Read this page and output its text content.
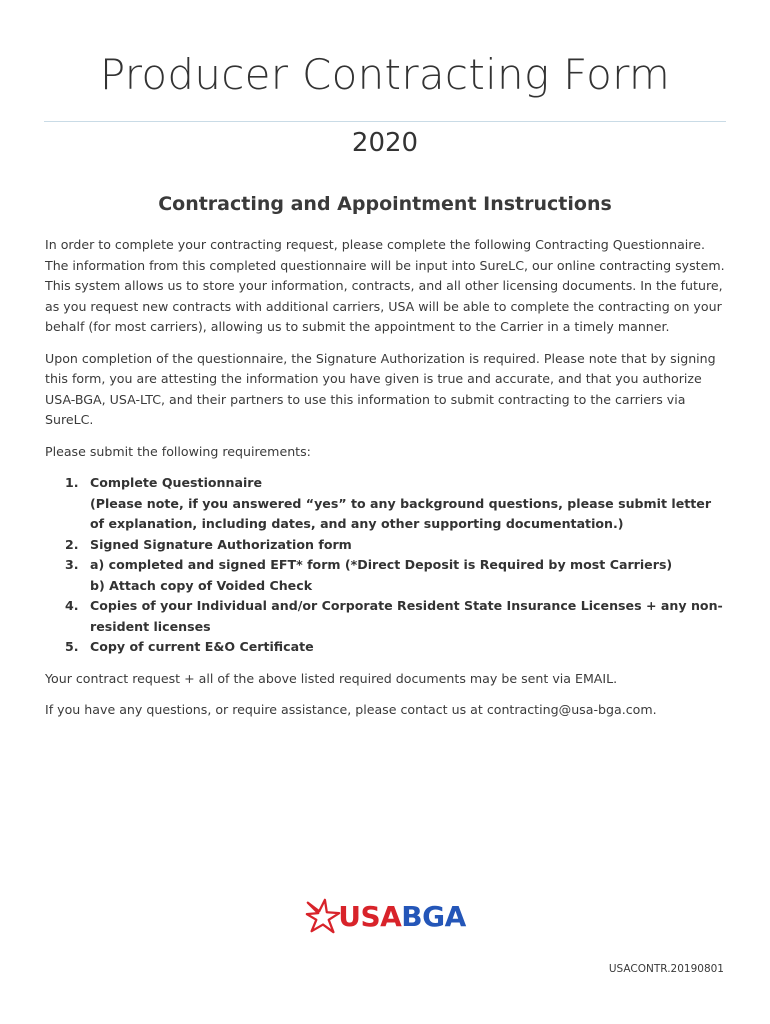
Producer Contracting Form
2020
Contracting and Appointment Instructions

In order to complete your contracting request, please complete the following Contracting Questionnaire. The information from this completed questionnaire will be input into SureLC, our online contracting system. This system allows us to store your information, contracts, and all other licensing documents. In the future, as you request new contracts with additional carriers, USA will be able to complete the contracting on your behalf (for most carriers), allowing us to submit the appointment to the Carrier in a timely manner.

Upon completion of the questionnaire, the Signature Authorization is required. Please note that by signing this form, you are attesting the information you have given is true and accurate, and that you authorize USA-BGA, USA-LTC, and their partners to use this information to submit contracting to the carriers via SureLC.

Please submit the following requirements:

1. Complete Questionnaire
(Please note, if you answered “yes” to any background questions, please submit letter of explanation, including dates, and any other supporting documentation.)
2. Signed Signature Authorization form
3. a) completed and signed EFT* form (*Direct Deposit is Required by most Carriers)
b) Attach copy of Voided Check
4. Copies of your Individual and/or Corporate Resident State Insurance Licenses + any non-resident licenses
5. Copy of current E&O Certificate

Your contract request + all of the above listed required documents may be sent via EMAIL.

If you have any questions, or require assistance, please contact us at contracting@usa-bga.com.

USA BGA
USACONTR.20190801
